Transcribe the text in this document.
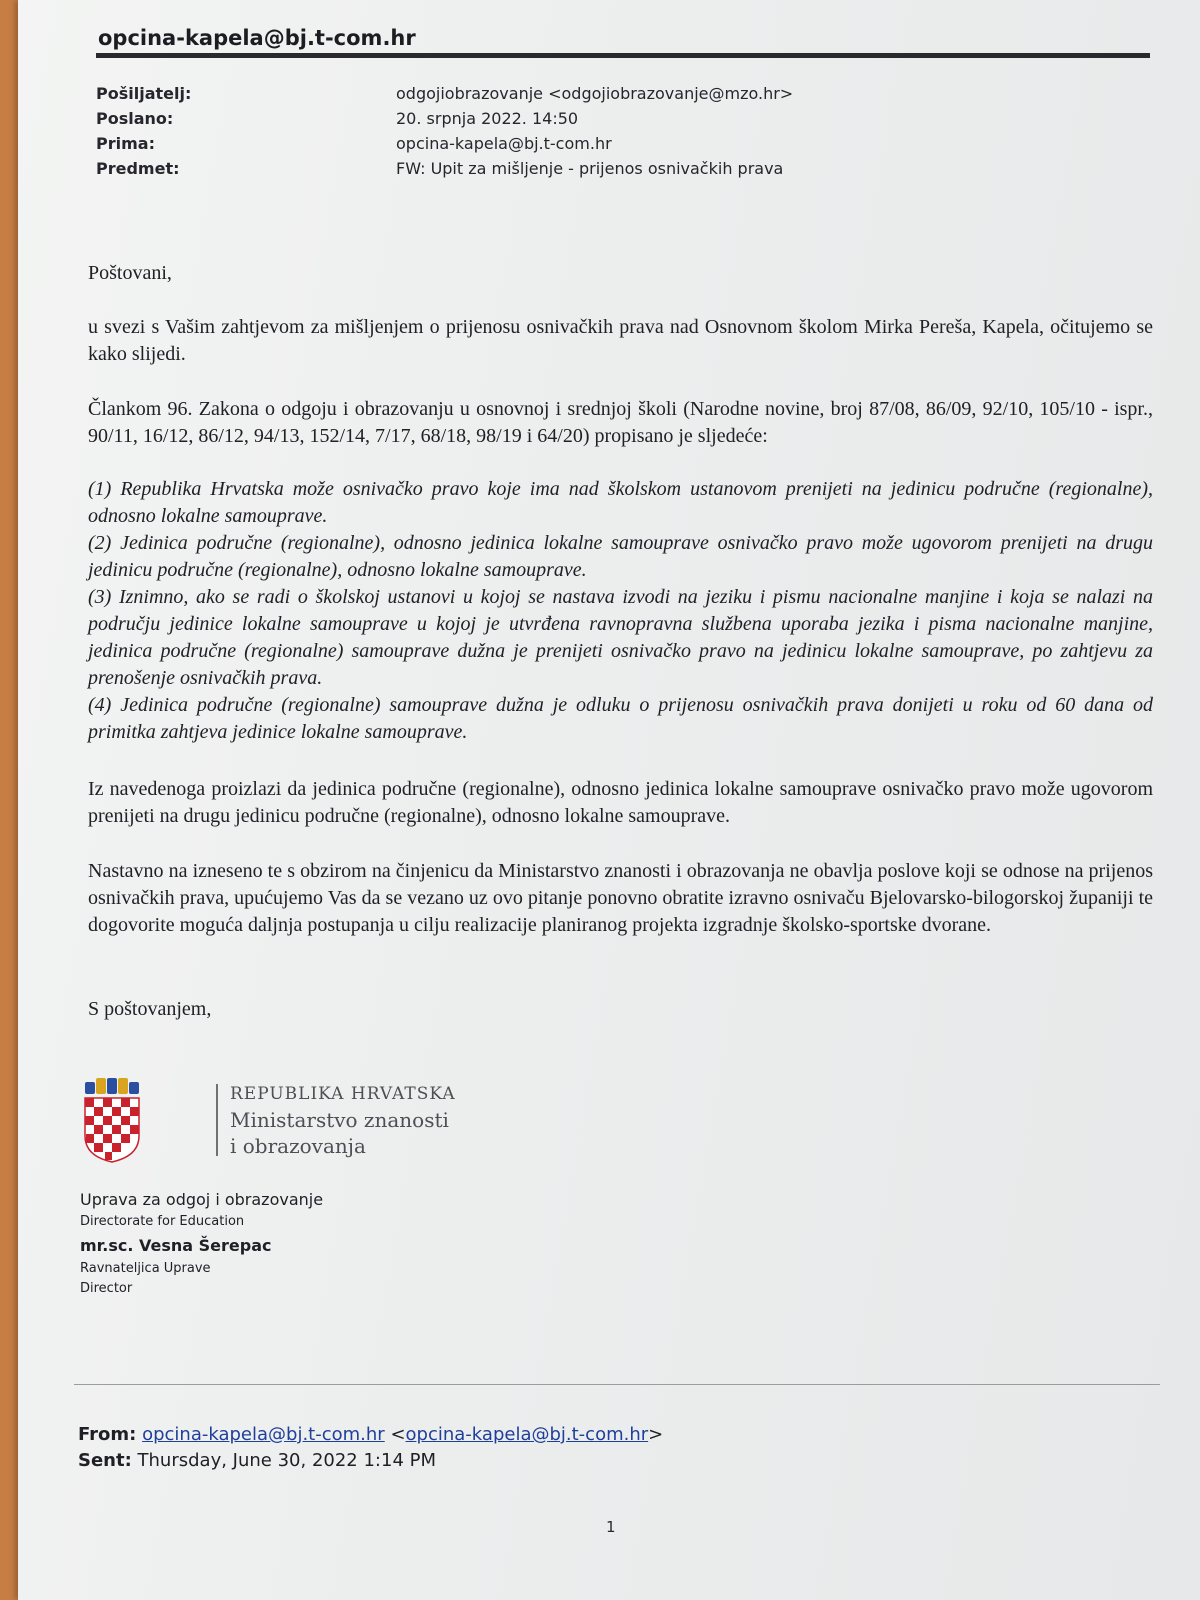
opcina-kapela@bj.t-com.hr
Pošiljatelj:	odgojiobrazovanje <odgojiobrazovanje@mzo.hr>
Poslano:	20. srpnja 2022. 14:50
Prima:	opcina-kapela@bj.t-com.hr
Predmet:	FW: Upit za mišljenje - prijenos osnivačkih prava
Poštovani,
u svezi s Vašim zahtjevom za mišljenjem o prijenosu osnivačkih prava nad Osnovnom školom Mirka Pereša, Kapela, očitujemo se kako slijedi.
Člankom 96. Zakona o odgoju i obrazovanju u osnovnoj i srednjoj školi (Narodne novine, broj 87/08, 86/09, 92/10, 105/10 - ispr., 90/11, 16/12, 86/12, 94/13, 152/14, 7/17, 68/18, 98/19 i 64/20) propisano je sljedeće:
(1) Republika Hrvatska može osnivačko pravo koje ima nad školskom ustanovom prenijeti na jedinicu područne (regionalne), odnosno lokalne samouprave.
(2) Jedinica područne (regionalne), odnosno jedinica lokalne samouprave osnivačko pravo može ugovorom prenijeti na drugu jedinicu područne (regionalne), odnosno lokalne samouprave.
(3) Iznimno, ako se radi o školskoj ustanovi u kojoj se nastava izvodi na jeziku i pismu nacionalne manjine i koja se nalazi na području jedinice lokalne samouprave u kojoj je utvrđena ravnopravna službena uporaba jezika i pisma nacionalne manjine, jedinica područne (regionalne) samouprave dužna je prenijeti osnivačko pravo na jedinicu lokalne samouprave, po zahtjevu za prenošenje osnivačkih prava.
(4) Jedinica područne (regionalne) samouprave dužna je odluku o prijenosu osnivačkih prava donijeti u roku od 60 dana od primitka zahtjeva jedinice lokalne samouprave.
Iz navedenoga proizlazi da jedinica područne (regionalne), odnosno jedinica lokalne samouprave osnivačko pravo može ugovorom prenijeti na drugu jedinicu područne (regionalne), odnosno lokalne samouprave.
Nastavno na izneseno te s obzirom na činjenicu da Ministarstvo znanosti i obrazovanja ne obavlja poslove koji se odnose na prijenos osnivačkih prava, upućujemo Vas da se vezano uz ovo pitanje ponovno obratite izravno osnivaču Bjelovarsko-bilogorskoj županiji te dogovorite moguća daljnja postupanja u cilju realizacije planiranog projekta izgradnje školsko-sportske dvorane.
S poštovanjem,
REPUBLIKA HRVATSKA
Ministarstvo znanosti
i obrazovanja
Uprava za odgoj i obrazovanje
Directorate for Education
mr.sc. Vesna Šerepac
Ravnateljica Uprave
Director
From: opcina-kapela@bj.t-com.hr <opcina-kapela@bj.t-com.hr>
Sent: Thursday, June 30, 2022 1:14 PM
1
